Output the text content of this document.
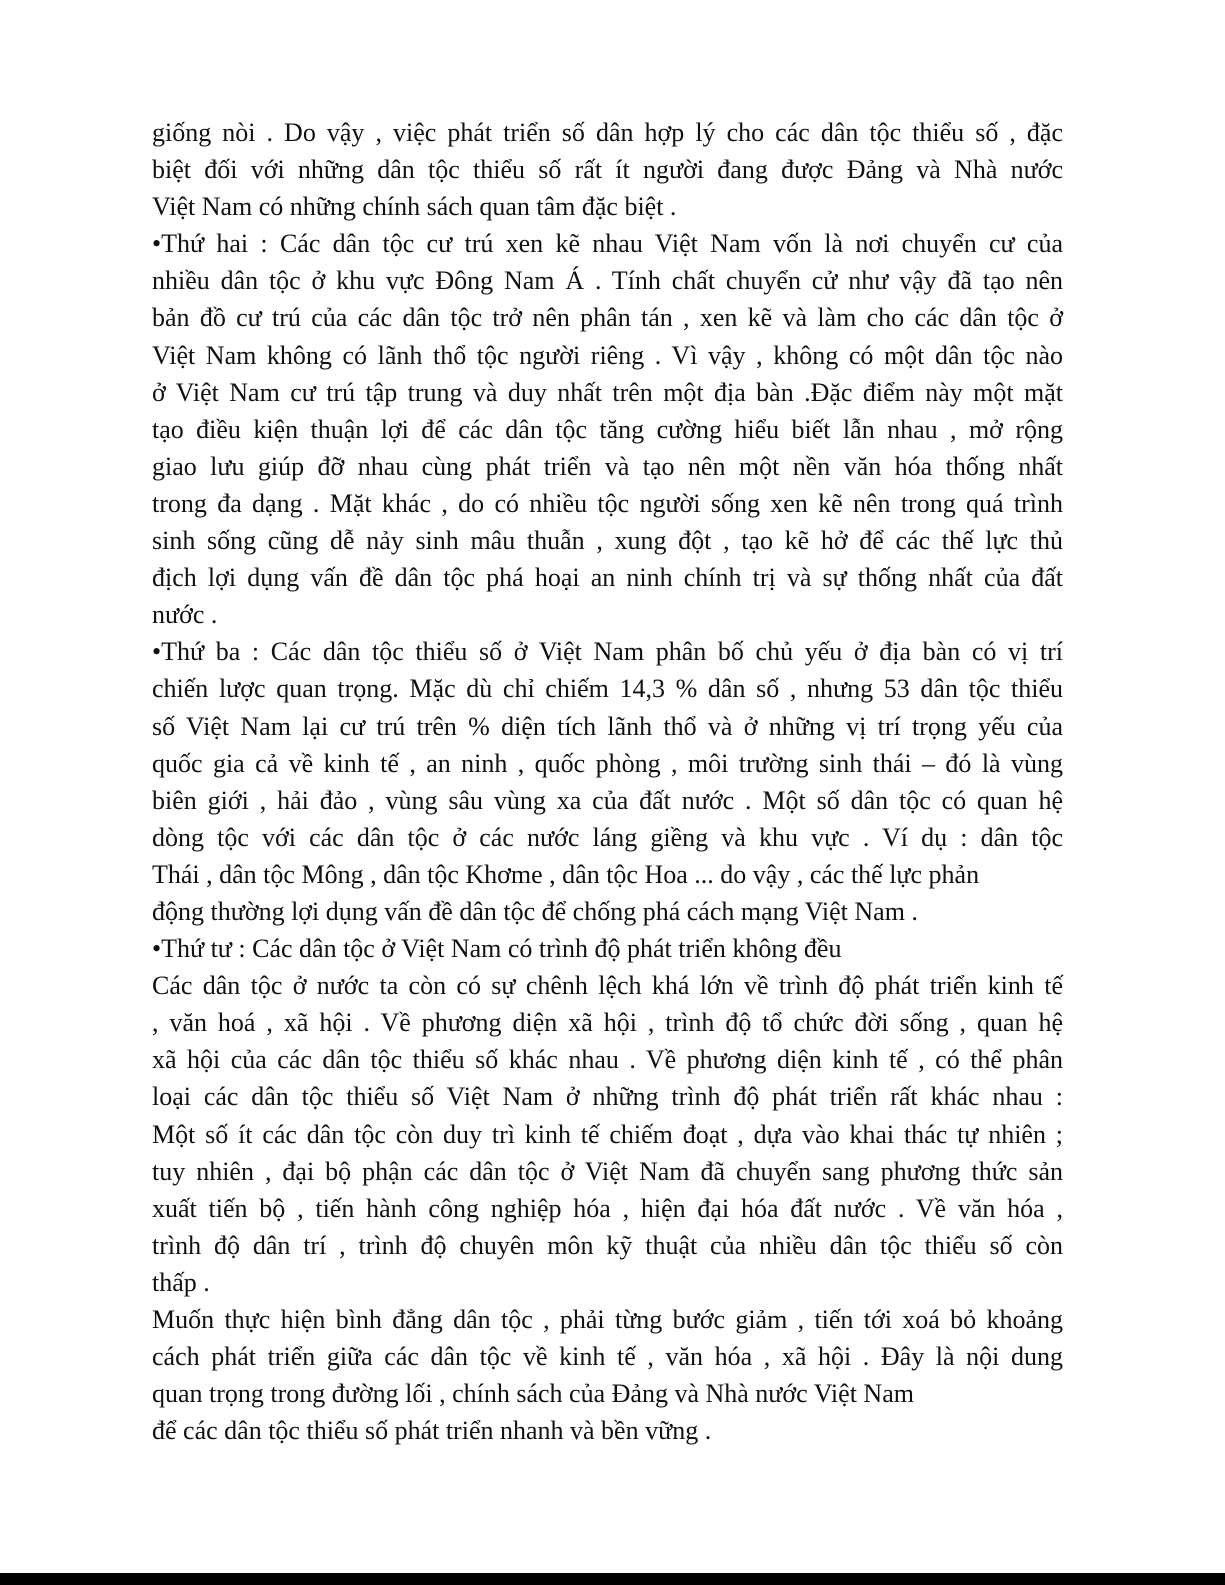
giống nòi . Do vậy , việc phát triển số dân hợp lý cho các dân tộc thiểu số , đặc
biệt đối với những dân tộc thiểu số rất ít người đang được Đảng và Nhà nước
Việt Nam có những chính sách quan tâm đặc biệt .

•Thứ hai : Các dân tộc cư trú xen kẽ nhau Việt Nam vốn là nơi chuyển cư của
nhiều dân tộc ở khu vực Đông Nam Á . Tính chất chuyển cử như vậy đã tạo nên
bản đồ cư trú của các dân tộc trở nên phân tán , xen kẽ và làm cho các dân tộc ở
Việt Nam không có lãnh thổ tộc người riêng . Vì vậy , không có một dân tộc nào
ở Việt Nam cư trú tập trung và duy nhất trên một địa bàn .Đặc điểm này một mặt
tạo điều kiện thuận lợi để các dân tộc tăng cường hiểu biết lẫn nhau , mở rộng
giao lưu giúp đỡ nhau cùng phát triển và tạo nên một nền văn hóa thống nhất
trong đa dạng . Mặt khác , do có nhiều tộc người sống xen kẽ nên trong quá trình
sinh sống cũng dễ nảy sinh mâu thuẫn , xung đột , tạo kẽ hở để các thế lực thủ
địch lợi dụng vấn đề dân tộc phá hoại an ninh chính trị và sự thống nhất của đất
nước .

•Thứ ba : Các dân tộc thiểu số ở Việt Nam phân bố chủ yếu ở địa bàn có vị trí
chiến lược quan trọng. Mặc dù chỉ chiếm 14,3 % dân số , nhưng 53 dân tộc thiểu
số Việt Nam lại cư trú trên % diện tích lãnh thổ và ở những vị trí trọng yếu của
quốc gia cả về kinh tế , an ninh , quốc phòng , môi trường sinh thái – đó là vùng
biên giới , hải đảo , vùng sâu vùng xa của đất nước . Một số dân tộc có quan hệ
dòng tộc với các dân tộc ở các nước láng giềng và khu vực . Ví dụ : dân tộc
Thái , dân tộc Mông , dân tộc Khơme , dân tộc Hoa ... do vậy , các thế lực phản
động thường lợi dụng vấn đề dân tộc để chống phá cách mạng Việt Nam .

•Thứ tư : Các dân tộc ở Việt Nam có trình độ phát triển không đều

Các dân tộc ở nước ta còn có sự chênh lệch khá lớn về trình độ phát triển kinh tế
, văn hoá , xã hội . Về phương diện xã hội , trình độ tổ chức đời sống , quan hệ
xã hội của các dân tộc thiểu số khác nhau . Về phương diện kinh tế , có thể phân
loại các dân tộc thiểu số Việt Nam ở những trình độ phát triển rất khác nhau :
Một số ít các dân tộc còn duy trì kinh tế chiếm đoạt , dựa vào khai thác tự nhiên ;
tuy nhiên , đại bộ phận các dân tộc ở Việt Nam đã chuyển sang phương thức sản
xuất tiến bộ , tiến hành công nghiệp hóa , hiện đại hóa đất nước . Về văn hóa ,
trình độ dân trí , trình độ chuyên môn kỹ thuật của nhiều dân tộc thiểu số còn
thấp .

Muốn thực hiện bình đẳng dân tộc , phải từng bước giảm , tiến tới xoá bỏ khoảng
cách phát triển giữa các dân tộc về kinh tế , văn hóa , xã hội . Đây là nội dung
quan trọng trong đường lối , chính sách của Đảng và Nhà nước Việt Nam
để các dân tộc thiểu số phát triển nhanh và bền vững .
